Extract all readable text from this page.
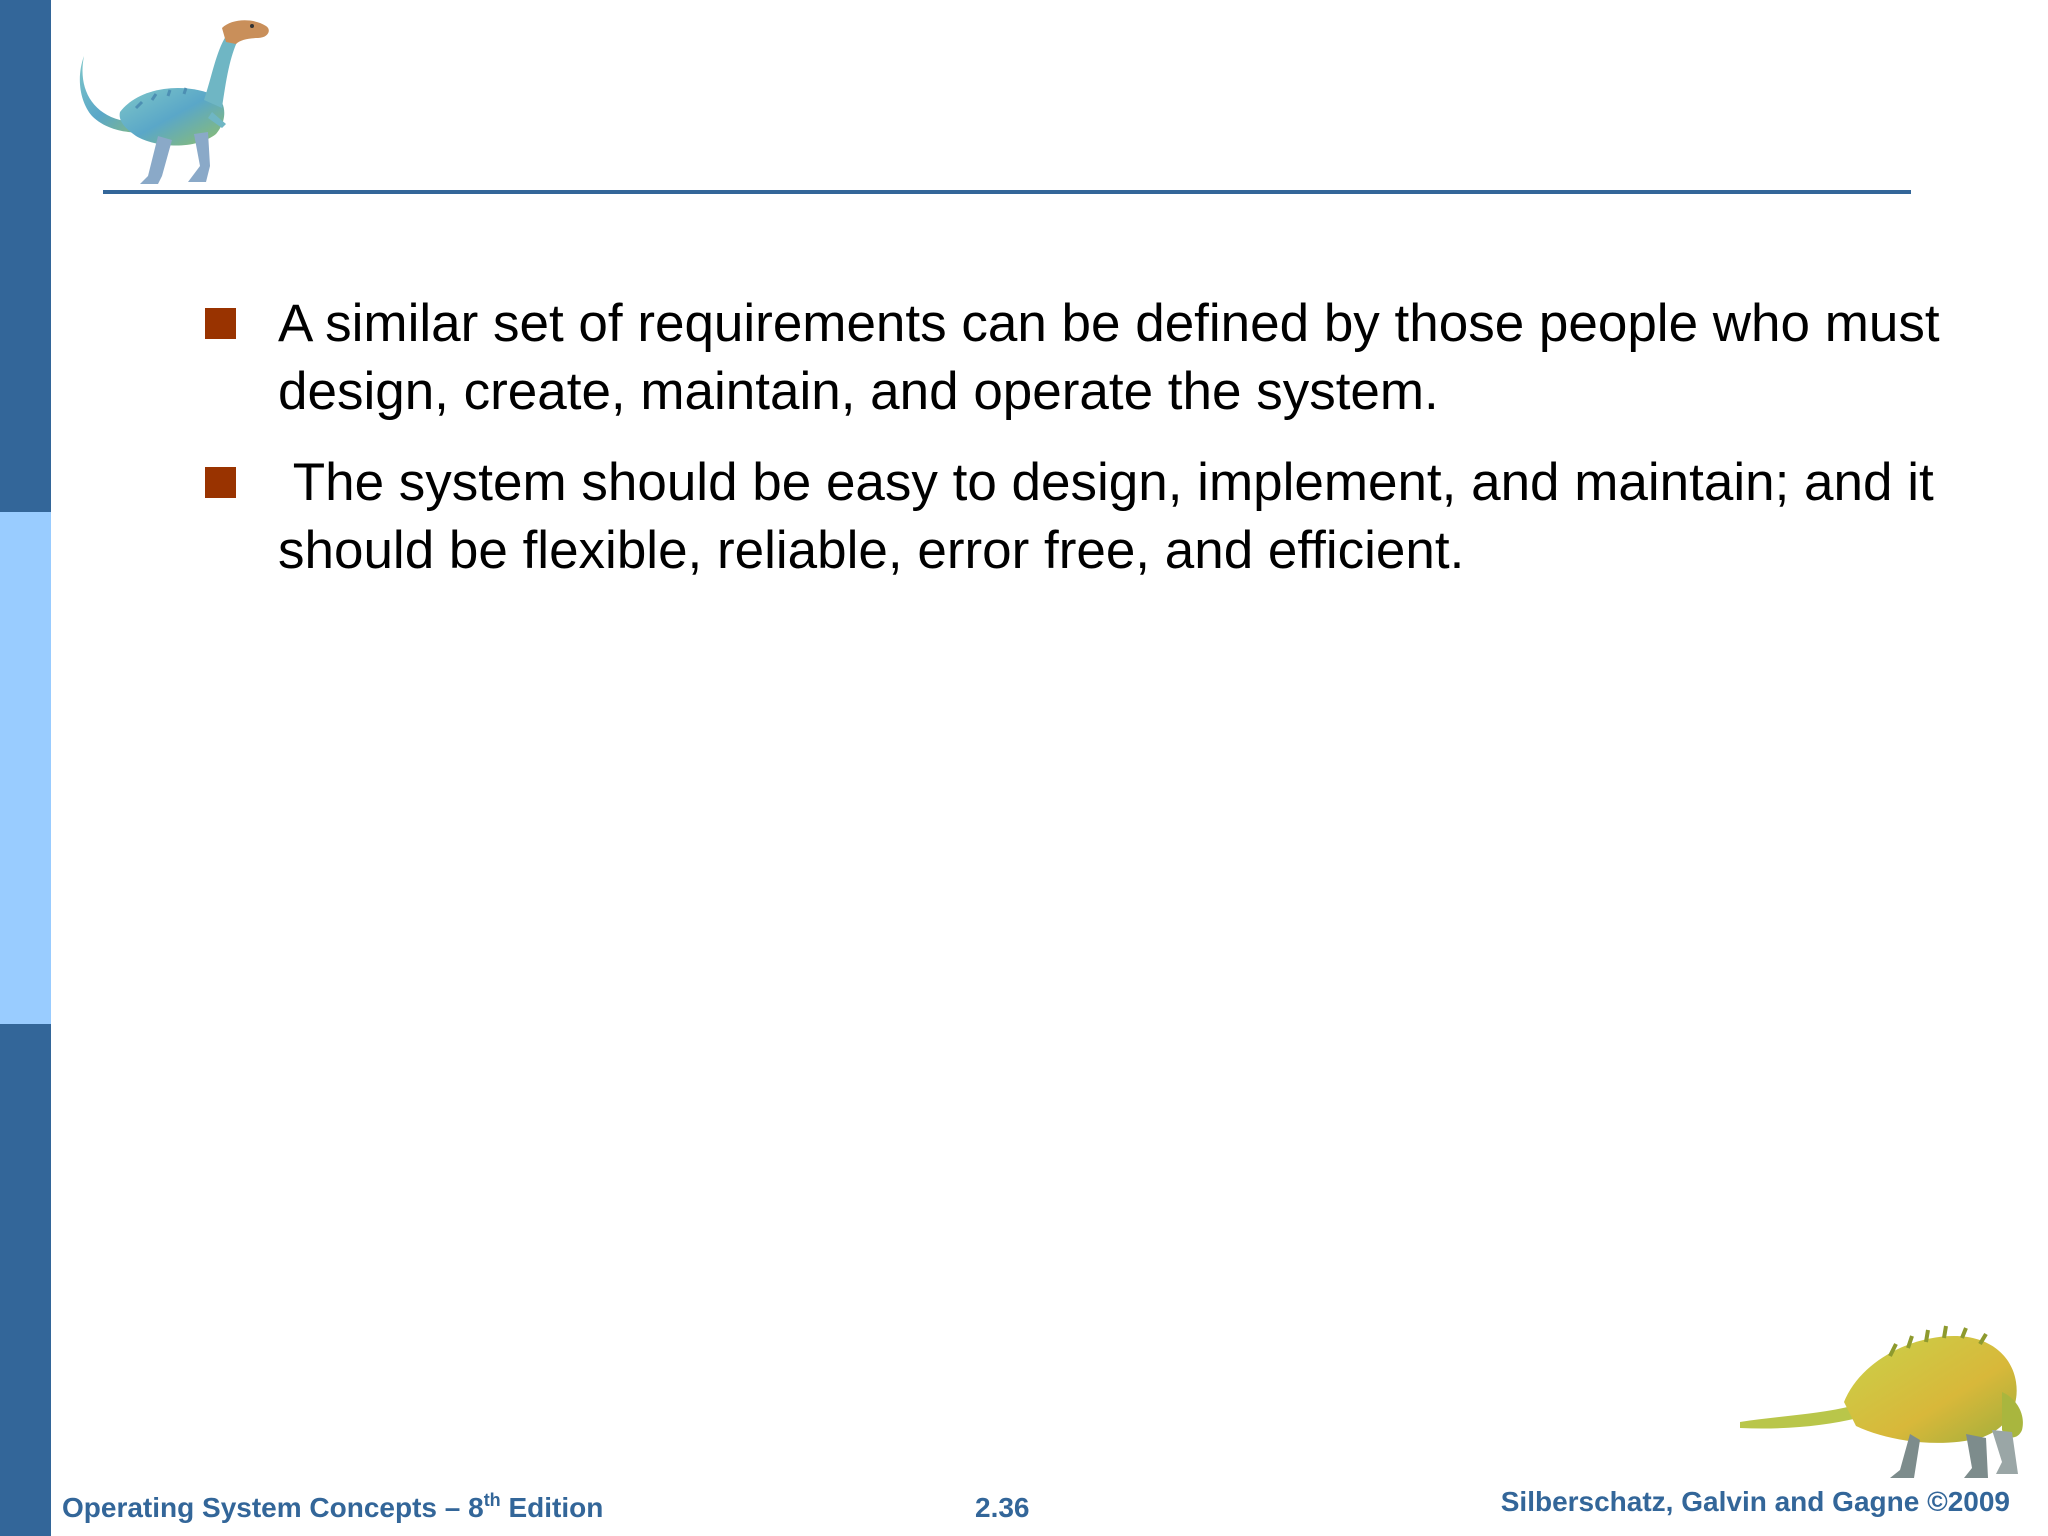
A similar set of requirements can be defined by those people who must design, create, maintain, and operate the system.
The system should be easy to design, implement, and maintain; and it should be flexible, reliable, error free, and efficient.
Operating System Concepts – 8th Edition	2.36	Silberschatz, Galvin and Gagne ©2009
